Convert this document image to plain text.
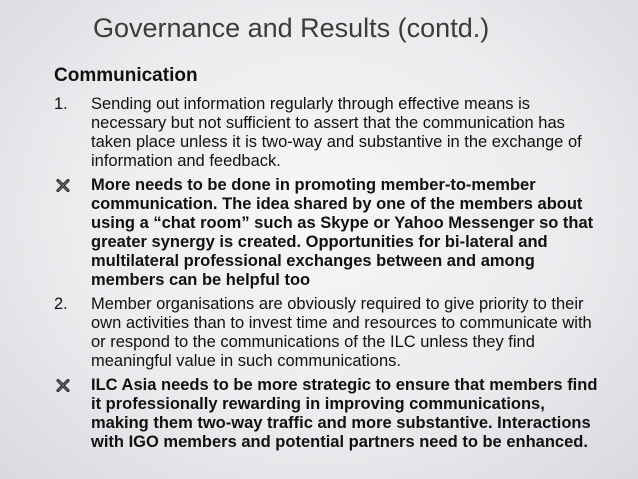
Governance and Results (contd.)
Communication
1. Sending out information regularly through effective means is necessary but not sufficient to assert that the communication has taken place unless it is two-way and substantive in the exchange of information and feedback.
More needs to be done in promoting member-to-member communication. The idea shared by one of the members about using a “chat room” such as Skype or Yahoo Messenger so that greater synergy is created. Opportunities for bi-lateral and multilateral professional exchanges between and among members can be helpful too
2. Member organisations are obviously required to give priority to their own activities than to invest time and resources to communicate with or respond to the communications of the ILC unless they find meaningful value in such communications.
ILC Asia needs to be more strategic to ensure that members find it professionally rewarding in improving communications, making them two-way traffic and more substantive. Interactions with IGO members and potential partners need to be enhanced.
